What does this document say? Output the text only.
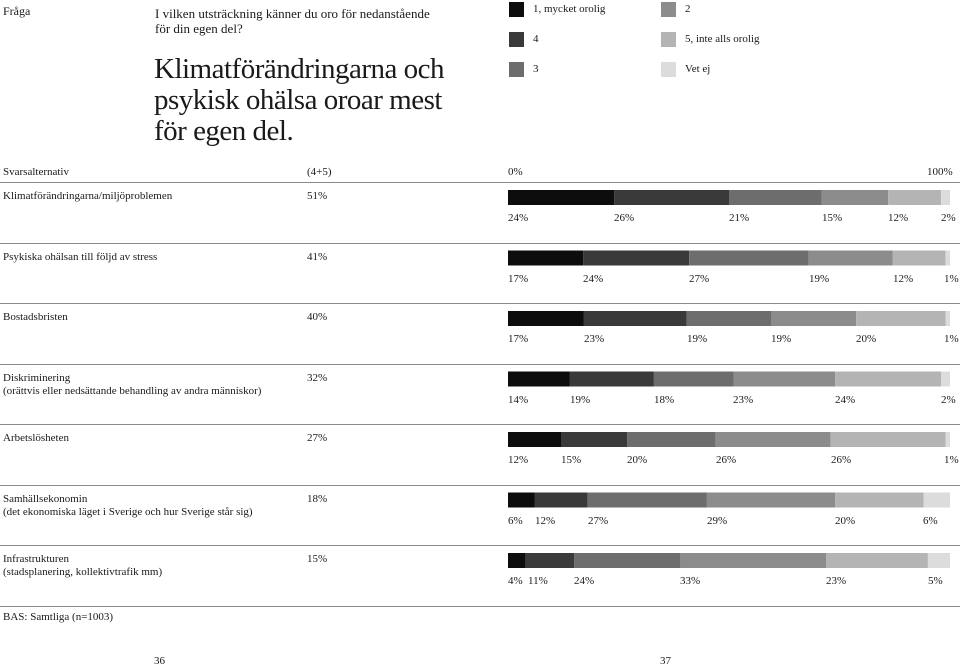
Fråga	I vilken utsträckning känner du oro för nedanstående för din egen del?
Klimatförändringarna och psykisk ohälsa oroar mest för egen del.
1, mycket orolig	2
4	5, inte alls orolig
3	Vet ej
Svarsalternativ	(4+5)	0%	100%
Klimatförändringarna/miljöproblemen	51%
24%	26%	21%	15%	12%	2%
Psykiska ohälsan till följd av stress	41%
17%	24%	27%	19%	12%	1%
Bostadsbristen	40%
17%	23%	19%	19%	20%	1%
Diskriminering
(orättvis eller nedsättande behandling av andra människor)
32%
14%	19%	18%	23%	24%	2%
Arbetslösheten	27%
12%	15%	20%	26%	26%	1%
Samhällsekonomin
(det ekonomiska läget i Sverige och hur Sverige står sig)
18%
6% 12%	27%	29%	20%	6%
Infrastrukturen
(stadsplanering, kollektivtrafik mm)
15%
4% 11% 24%	33%	23%	5%
BAS: Samtliga (n=1003)
36	37
